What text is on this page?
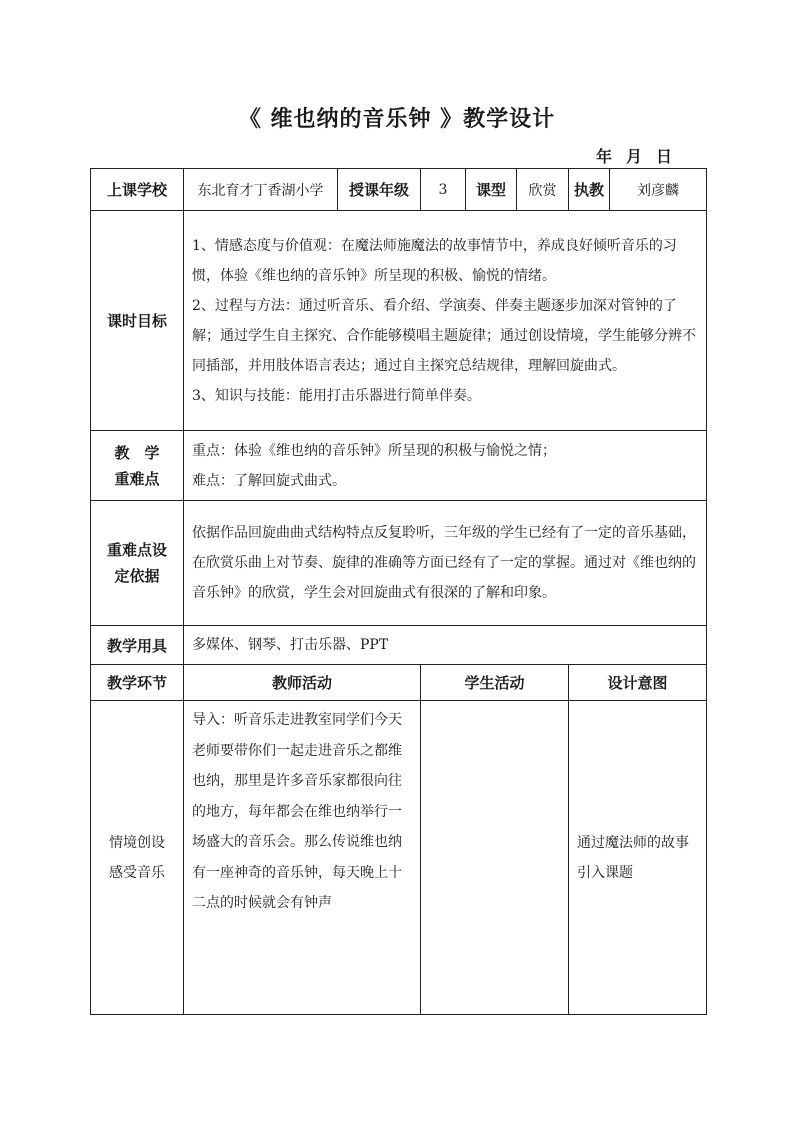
《 维也纳的音乐钟 》教学设计
年 月 日
上课学校	东北育才丁香湖小学	授课年级	3	课型	欣赏	执教	刘彦麟
课时目标	1、情感态度与价值观：在魔法师施魔法的故事情节中，养成良好倾听音乐的习惯，体验《维也纳的音乐钟》所呈现的积极、愉悦的情绪。
2、过程与方法：通过听音乐、看介绍、学演奏、伴奏主题逐步加深对管钟的了解；通过学生自主探究、合作能够模唱主题旋律；通过创设情境，学生能够分辨不同插部，并用肢体语言表达；通过自主探究总结规律，理解回旋曲式。
3、知识与技能：能用打击乐器进行简单伴奏。						

教　学
重难点	重点：体验《维也纳的音乐钟》所呈现的积极与愉悦之情；
难点：了解回旋式曲式。						

重难点设
定依据	依据作品回旋曲曲式结构特点反复聆听，三年级的学生已经有了一定的音乐基础，在欣赏乐曲上对节奏、旋律的准确等方面已经有了一定的掌握。通过对《维也纳的音乐钟》的欣赏，学生会对回旋曲式有很深的了解和印象。						
教学用具	多媒体、钢琴、打击乐器、PPT						
教学环节	教师活动		学生活动			设计意图	

情境创设
感受音乐	导入：听音乐走进教室同学们今天老师要带你们一起走进音乐之都维也纳，那里是许多音乐家都很向往的地方，每年都会在维也纳举行一场盛大的音乐会。那么传说维也纳有一座神奇的音乐钟，每天晚上十二点的时候就会有钟声					通过魔法师的故事引入课题	
